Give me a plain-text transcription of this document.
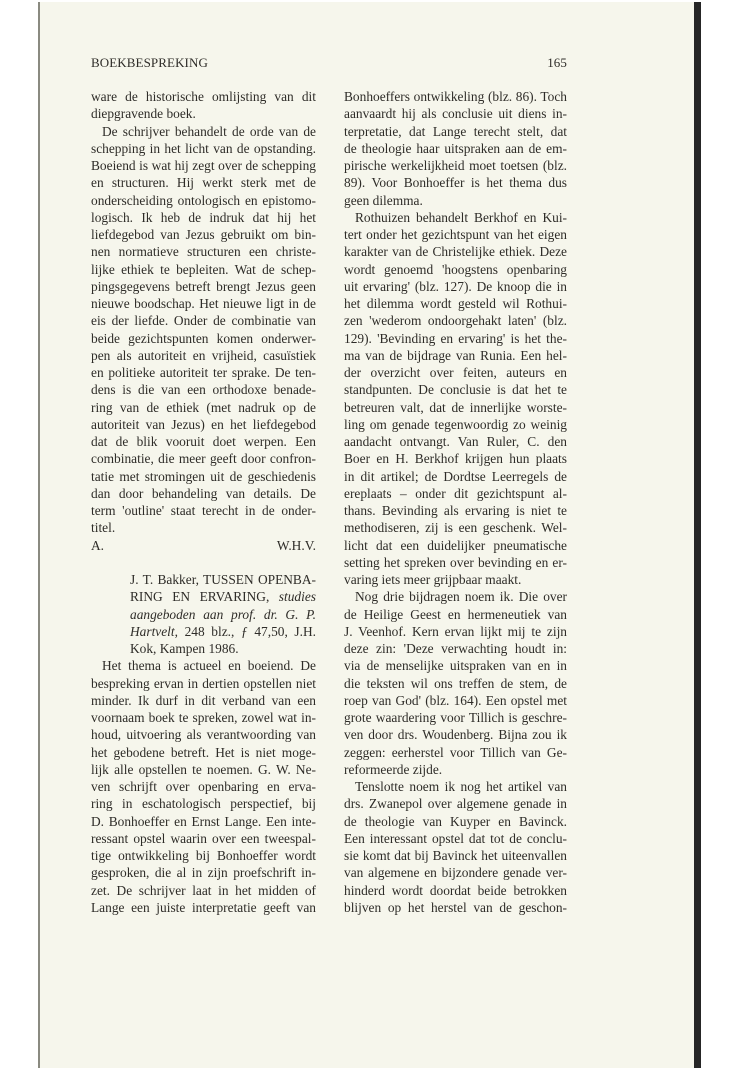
BOEKBESPREKING	165
ware de historische omlijsting van dit
diepgravende boek.
De schrijver behandelt de orde van de
schepping in het licht van de opstanding.
Boeiend is wat hij zegt over de schepping
en structuren. Hij werkt sterk met de
onderscheiding ontologisch en epistomo-
logisch. Ik heb de indruk dat hij het
liefdegebod van Jezus gebruikt om bin-
nen normatieve structuren een christe-
lijke ethiek te bepleiten. Wat de schep-
pingsgegevens betreft brengt Jezus geen
nieuwe boodschap. Het nieuwe ligt in de
eis der liefde. Onder de combinatie van
beide gezichtspunten komen onderwer-
pen als autoriteit en vrijheid, casuïstiek
en politieke autoriteit ter sprake. De ten-
dens is die van een orthodoxe benade-
ring van de ethiek (met nadruk op de
autoriteit van Jezus) en het liefdegebod
dat de blik vooruit doet werpen. Een
combinatie, die meer geeft door confron-
tatie met stromingen uit de geschiedenis
dan door behandeling van details. De
term 'outline' staat terecht in de onder-
titel.
A.	W.H.V.
J. T. Bakker, TUSSEN OPENBA-
RING EN ERVARING, studies
aangeboden aan prof. dr. G. P.
Hartvelt, 248 blz., ƒ 47,50, J.H.
Kok, Kampen 1986.
Het thema is actueel en boeiend. De
bespreking ervan in dertien opstellen niet
minder. Ik durf in dit verband van een
voornaam boek te spreken, zowel wat in-
houd, uitvoering als verantwoording van
het gebodene betreft. Het is niet moge-
lijk alle opstellen te noemen. G. W. Ne-
ven schrijft over openbaring en erva-
ring in eschatologisch perspectief, bij
D. Bonhoeffer en Ernst Lange. Een inte-
ressant opstel waarin over een tweespal-
tige ontwikkeling bij Bonhoeffer wordt
gesproken, die al in zijn proefschrift in-
zet. De schrijver laat in het midden of
Lange een juiste interpretatie geeft van
Bonhoeffers ontwikkeling (blz. 86). Toch
aanvaardt hij als conclusie uit diens in-
terpretatie, dat Lange terecht stelt, dat
de theologie haar uitspraken aan de em-
pirische werkelijkheid moet toetsen (blz.
89). Voor Bonhoeffer is het thema dus
geen dilemma.
Rothuizen behandelt Berkhof en Kui-
tert onder het gezichtspunt van het eigen
karakter van de Christelijke ethiek. Deze
wordt genoemd 'hoogstens openbaring
uit ervaring' (blz. 127). De knoop die in
het dilemma wordt gesteld wil Rothui-
zen 'wederom ondoorgehakt laten' (blz.
129). 'Bevinding en ervaring' is het the-
ma van de bijdrage van Runia. Een hel-
der overzicht over feiten, auteurs en
standpunten. De conclusie is dat het te
betreuren valt, dat de innerlijke worste-
ling om genade tegenwoordig zo weinig
aandacht ontvangt. Van Ruler, C. den
Boer en H. Berkhof krijgen hun plaats
in dit artikel; de Dordtse Leerregels de
ereplaats – onder dit gezichtspunt al-
thans. Bevinding als ervaring is niet te
methodiseren, zij is een geschenk. Wel-
licht dat een duidelijker pneumatische
setting het spreken over bevinding en er-
varing iets meer grijpbaar maakt.
Nog drie bijdragen noem ik. Die over
de Heilige Geest en hermeneutiek van
J. Veenhof. Kern ervan lijkt mij te zijn
deze zin: 'Deze verwachting houdt in:
via de menselijke uitspraken van en in
die teksten wil ons treffen de stem, de
roep van God' (blz. 164). Een opstel met
grote waardering voor Tillich is geschre-
ven door drs. Woudenberg. Bijna zou ik
zeggen: eerherstel voor Tillich van Ge-
reformeerde zijde.
Tenslotte noem ik nog het artikel van
drs. Zwanepol over algemene genade in
de theologie van Kuyper en Bavinck.
Een interessant opstel dat tot de conclu-
sie komt dat bij Bavinck het uiteenvallen
van algemene en bijzondere genade ver-
hinderd wordt doordat beide betrokken
blijven op het herstel van de geschon-
